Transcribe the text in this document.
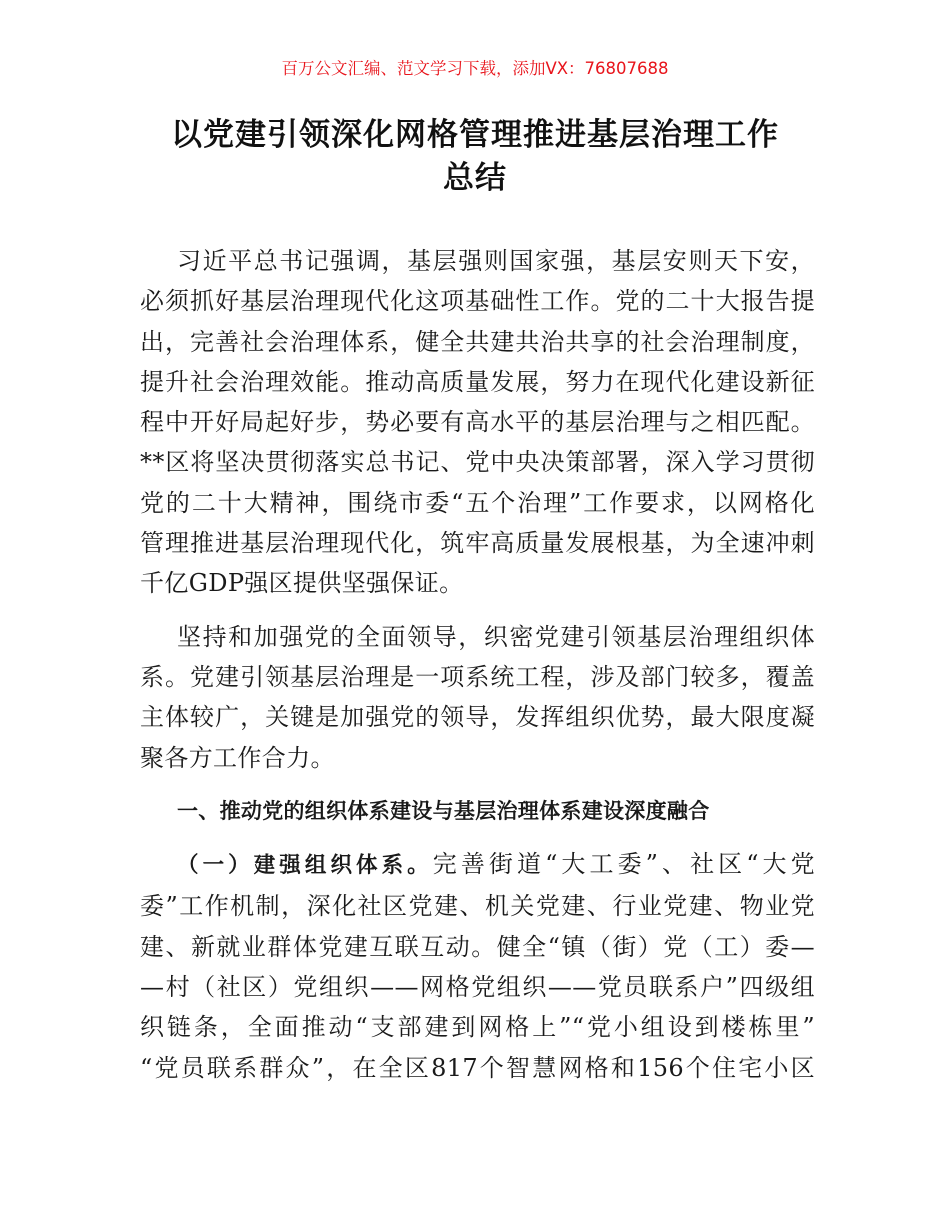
百万公文汇编、范文学习下载，添加VX：76807688
以党建引领深化网格管理推进基层治理工作
总结
习近平总书记强调，基层强则国家强，基层安则天下安，
必须抓好基层治理现代化这项基础性工作。党的二十大报告提
出，完善社会治理体系，健全共建共治共享的社会治理制度，
提升社会治理效能。推动高质量发展，努力在现代化建设新征
程中开好局起好步，势必要有高水平的基层治理与之相匹配。
**区将坚决贯彻落实总书记、党中央决策部署，深入学习贯彻
党的二十大精神，围绕市委“五个治理”工作要求，以网格化
管理推进基层治理现代化，筑牢高质量发展根基，为全速冲刺
千亿GDP强区提供坚强保证。
坚持和加强党的全面领导，织密党建引领基层治理组织体
系。党建引领基层治理是一项系统工程，涉及部门较多，覆盖
主体较广，关键是加强党的领导，发挥组织优势，最大限度凝
聚各方工作合力。
一、推动党的组织体系建设与基层治理体系建设深度融合
（一）建强组织体系。完善街道“大工委”、社区“大党
委”工作机制，深化社区党建、机关党建、行业党建、物业党
建、新就业群体党建互联互动。健全“镇（街）党（工）委—
—村（社区）党组织——网格党组织——党员联系户”四级组
织链条，全面推动“支部建到网格上”“党小组设到楼栋里”
“党员联系群众”，在全区817个智慧网格和156个住宅小区
